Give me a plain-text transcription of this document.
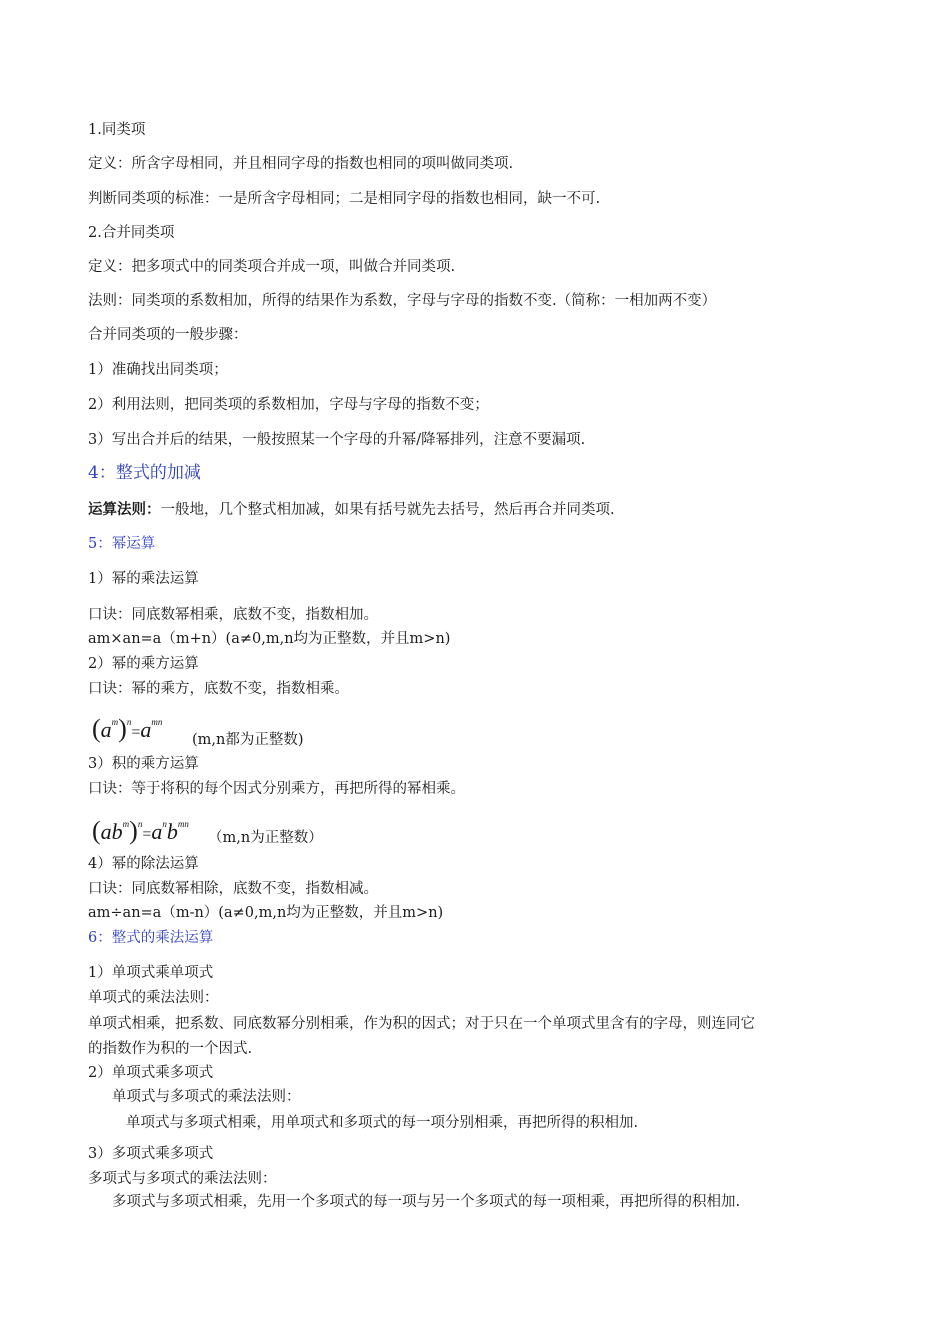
1.同类项
定义：所含字母相同，并且相同字母的指数也相同的项叫做同类项.
判断同类项的标准：一是所含字母相同；二是相同字母的指数也相同，缺一不可.
2.合并同类项
定义：把多项式中的同类项合并成一项，叫做合并同类项.
法则：同类项的系数相加，所得的结果作为系数，字母与字母的指数不变.（简称：一相加两不变）
合并同类项的一般步骤：
1）准确找出同类项；
2）利用法则，把同类项的系数相加，字母与字母的指数不变；
3）写出合并后的结果，一般按照某一个字母的升幂/降幂排列，注意不要漏项.
4：整式的加减
运算法则：一般地，几个整式相加减，如果有括号就先去括号，然后再合并同类项.
5：幂运算
1）幂的乘法运算
口诀：同底数幂相乘，底数不变，指数相加。
am×an=a（m+n）(a≠0,m,n均为正整数，并且m>n)
2）幂的乘方运算
口诀：幂的乘方，底数不变，指数相乘。
$(a^m)^n=a^{mn}$
(m,n都为正整数)
3）积的乘方运算
口诀：等于将积的每个因式分别乘方，再把所得的幂相乘。
$(ab^m)^n=a^nb^{mn}$
（m,n为正整数）
4）幂的除法运算
口诀：同底数幂相除，底数不变，指数相减。
am÷an=a（m-n）(a≠0,m,n均为正整数，并且m>n)
6：整式的乘法运算
1）单项式乘单项式
单项式的乘法法则：
单项式相乘，把系数、同底数幂分别相乘，作为积的因式；对于只在一个单项式里含有的字母，则连同它
的指数作为积的一个因式.
2）单项式乘多项式
单项式与多项式的乘法法则：
单项式与多项式相乘，用单项式和多项式的每一项分别相乘，再把所得的积相加.
3）多项式乘多项式
多项式与多项式的乘法法则：
多项式与多项式相乘，先用一个多项式的每一项与另一个多项式的每一项相乘，再把所得的积相加.
